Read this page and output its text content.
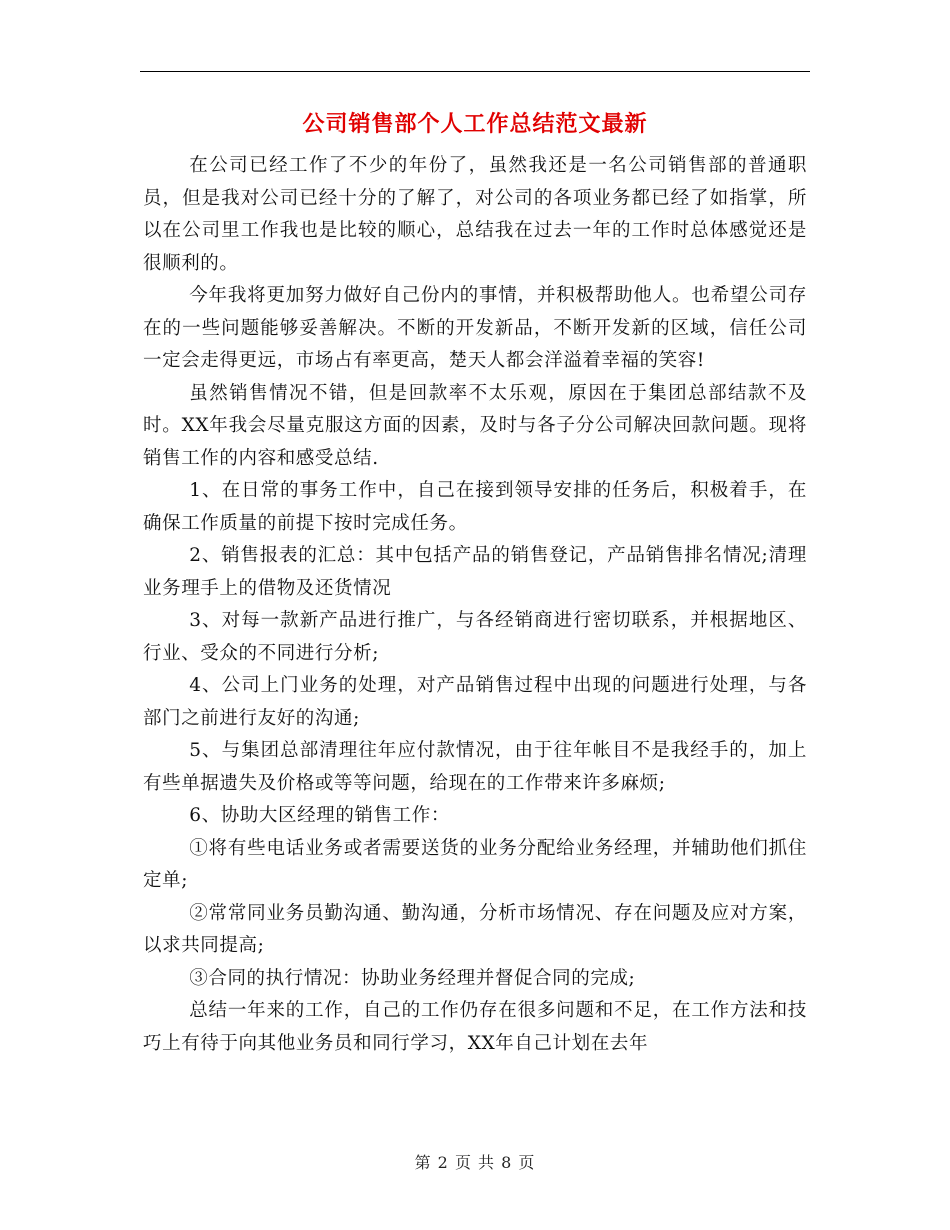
公司销售部个人工作总结范文最新

在公司已经工作了不少的年份了，虽然我还是一名公司销售部的普通职员，但是我对公司已经十分的了解了，对公司的各项业务都已经了如指掌，所以在公司里工作我也是比较的顺心，总结我在过去一年的工作时总体感觉还是很顺利的。

今年我将更加努力做好自己份内的事情，并积极帮助他人。也希望公司存在的一些问题能够妥善解决。不断的开发新品，不断开发新的区域，信任公司一定会走得更远，市场占有率更高，楚天人都会洋溢着幸福的笑容!

虽然销售情况不错，但是回款率不太乐观，原因在于集团总部结款不及时。XX年我会尽量克服这方面的因素，及时与各子分公司解决回款问题。现将销售工作的内容和感受总结.

1、在日常的事务工作中，自己在接到领导安排的任务后，积极着手，在确保工作质量的前提下按时完成任务。

2、销售报表的汇总：其中包括产品的销售登记，产品销售排名情况;清理业务理手上的借物及还货情况

3、对每一款新产品进行推广，与各经销商进行密切联系，并根据地区、行业、受众的不同进行分析;

4、公司上门业务的处理，对产品销售过程中出现的问题进行处理，与各部门之前进行友好的沟通;

5、与集团总部清理往年应付款情况，由于往年帐目不是我经手的，加上有些单据遗失及价格或等等问题，给现在的工作带来许多麻烦;

6、协助大区经理的销售工作：

①将有些电话业务或者需要送货的业务分配给业务经理，并辅助他们抓住定单;

②常常同业务员勤沟通、勤沟通，分析市场情况、存在问题及应对方案，以求共同提高;

③合同的执行情况：协助业务经理并督促合同的完成;

总结一年来的工作，自己的工作仍存在很多问题和不足，在工作方法和技巧上有待于向其他业务员和同行学习，XX年自己计划在去年

第 2 页 共 8 页
